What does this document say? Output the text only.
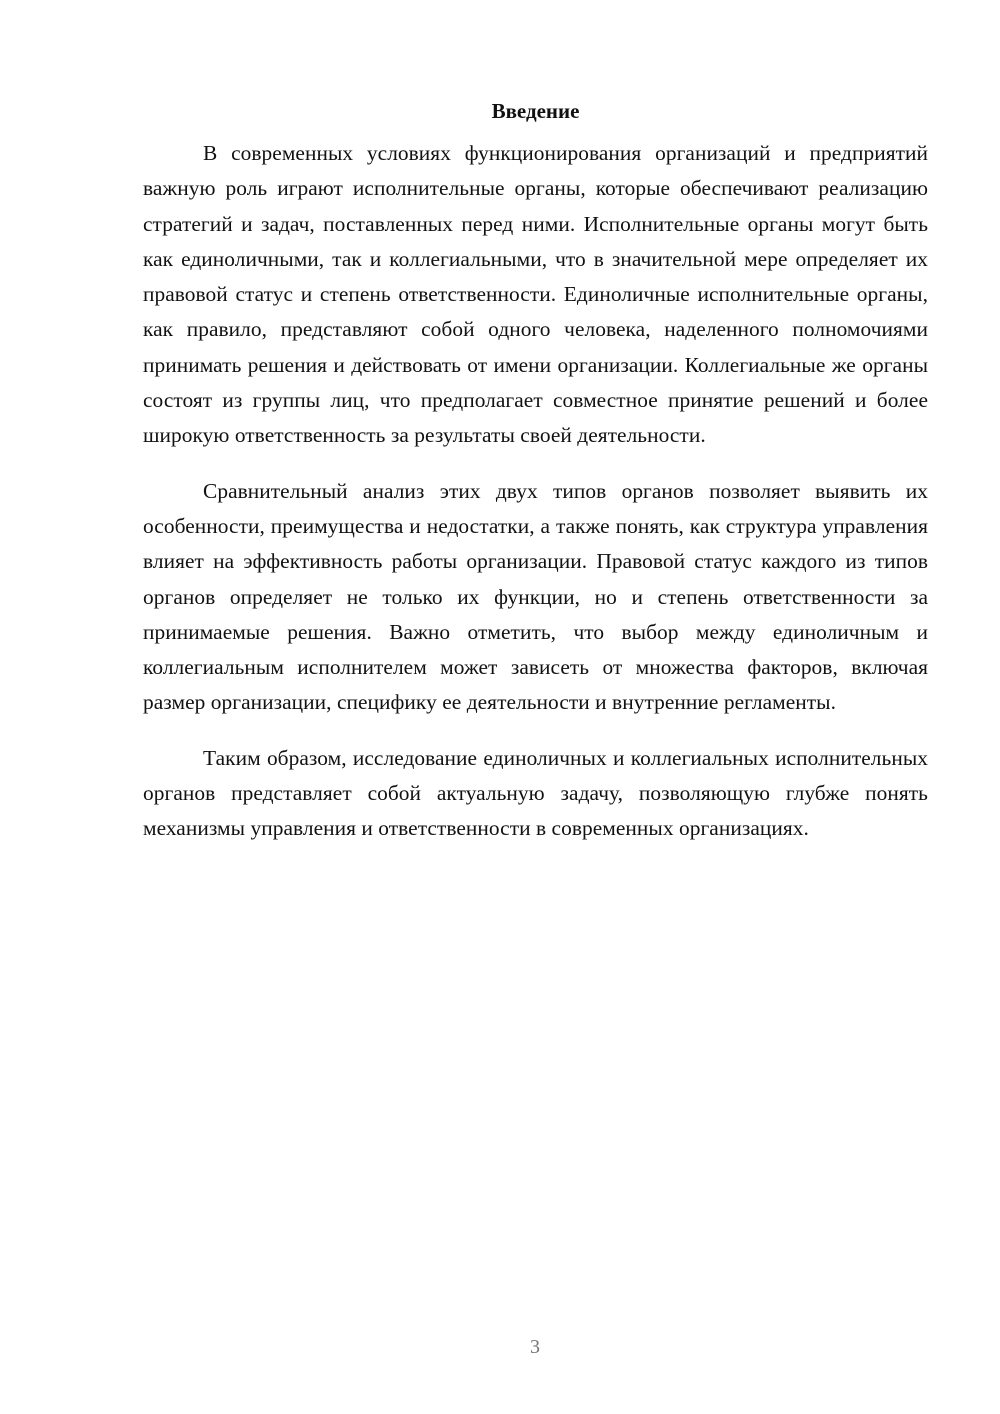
Введение

В современных условиях функционирования организаций и предприятий важную роль играют исполнительные органы, которые обеспечивают реализацию стратегий и задач, поставленных перед ними. Исполнительные органы могут быть как единоличными, так и коллегиальными, что в значительной мере определяет их правовой статус и степень ответственности. Единоличные исполнительные органы, как правило, представляют собой одного человека, наделенного полномочиями принимать решения и действовать от имени организации. Коллегиальные же органы состоят из группы лиц, что предполагает совместное принятие решений и более широкую ответственность за результаты своей деятельности.

Сравнительный анализ этих двух типов органов позволяет выявить их особенности, преимущества и недостатки, а также понять, как структура управления влияет на эффективность работы организации. Правовой статус каждого из типов органов определяет не только их функции, но и степень ответственности за принимаемые решения. Важно отметить, что выбор между единоличным и коллегиальным исполнителем может зависеть от множества факторов, включая размер организации, специфику ее деятельности и внутренние регламенты.

Таким образом, исследование единоличных и коллегиальных исполнительных органов представляет собой актуальную задачу, позволяющую глубже понять механизмы управления и ответственности в современных организациях.

3
